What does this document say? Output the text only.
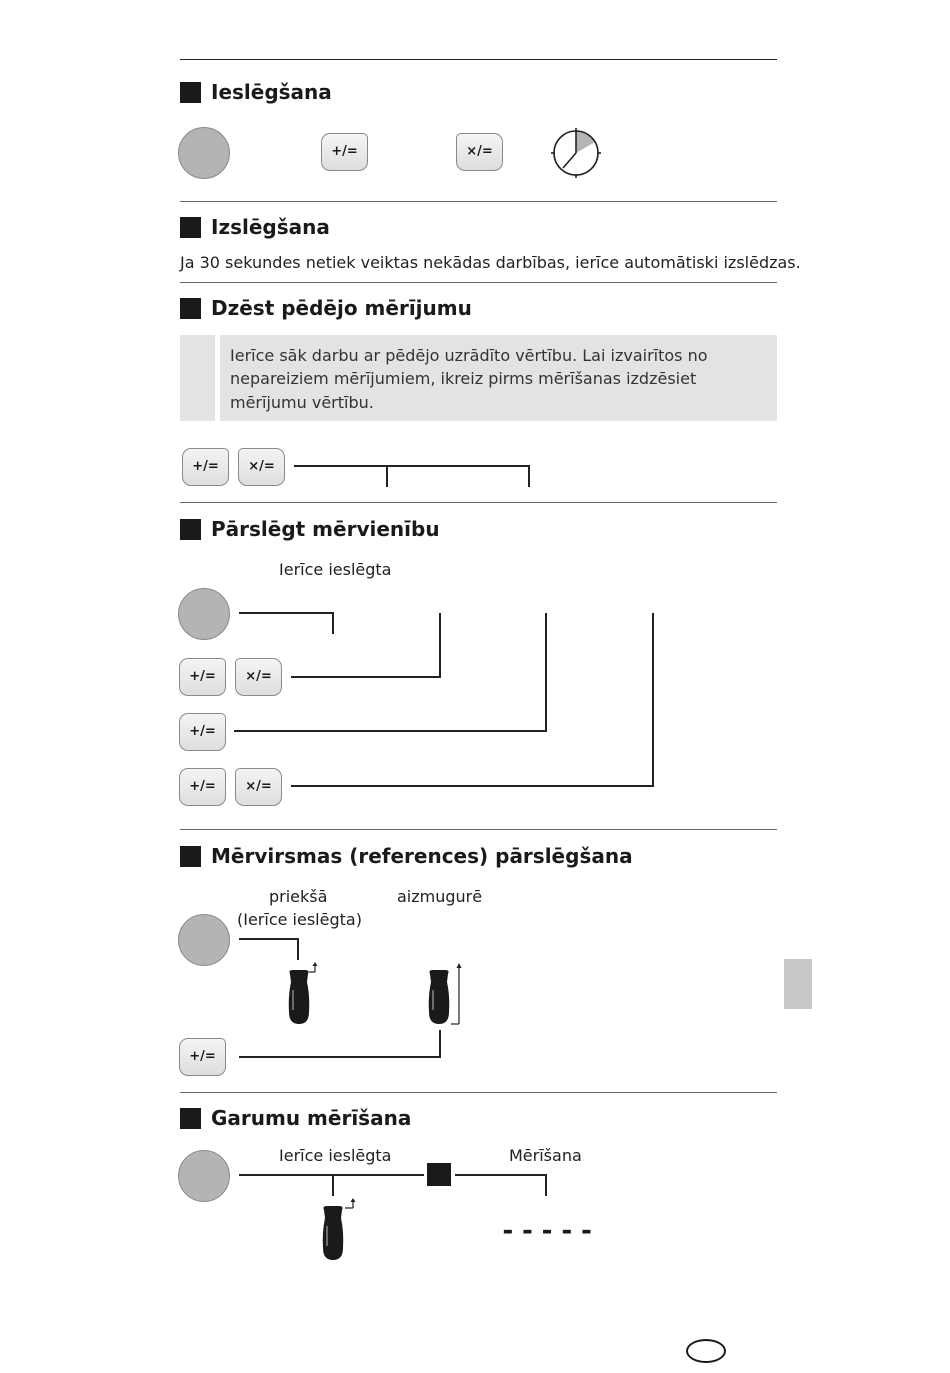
Ieslēgšana
+/=	×/=
Izslēgšana
Ja 30 sekundes netiek veiktas nekādas darbības, ierīce automātiski izslēdzas.
Dzēst pēdējo mērījumu
Ierīce sāk darbu ar pēdējo uzrādīto vērtību. Lai izvairītos no
nepareiziem mērījumiem, ikreiz pirms mērīšanas izdzēsiet
mērījumu vērtību.
+/=	×/=
Pārslēgt mērvienību
Ierīce ieslēgta
+/=	×/=
+/=
+/=	×/=
Mērvirsmas (references) pārslēgšana
priekšā
(Ierīce ieslēgta)
aizmugurē
+/=
Garumu mērīšana
Ierīce ieslēgta	Mērīšana
-----
